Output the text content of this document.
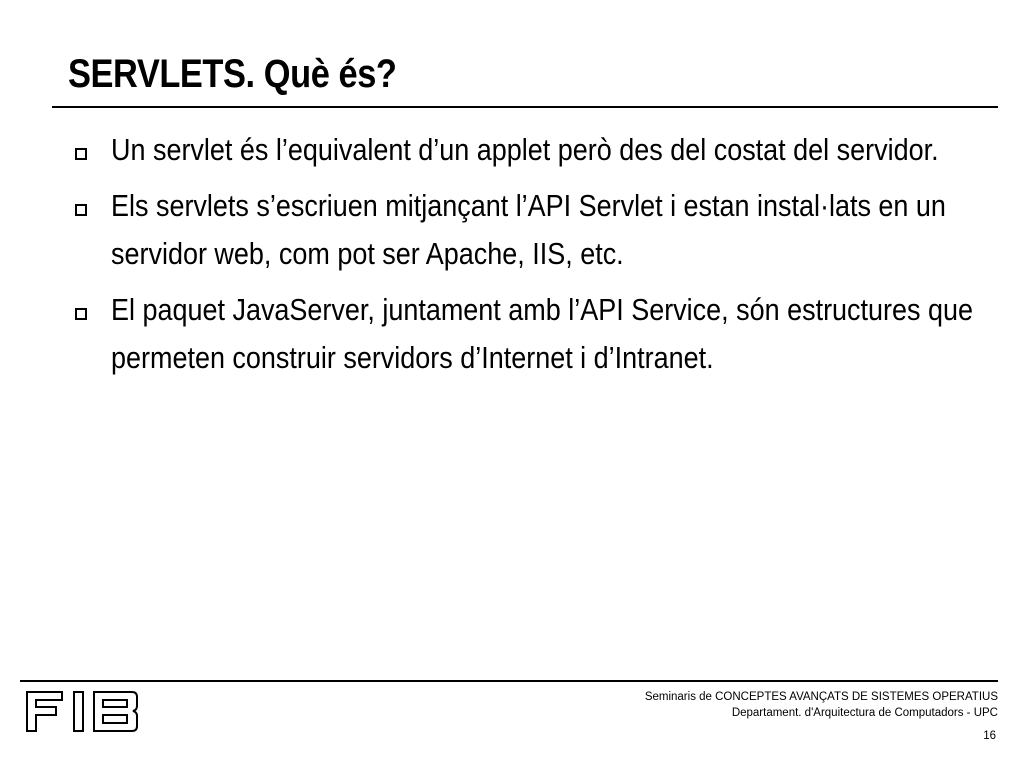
SERVLETS. Què és?
Un servlet és l’equivalent d’un applet però des del costat del servidor.
Els servlets s’escriuen mitjançant l’API Servlet i estan instal·lats en un servidor web, com pot ser Apache, IIS, etc.
El paquet JavaServer, juntament amb l’API Service, són estructures que permeten construir servidors d’Internet i d’Intranet.
Seminaris de CONCEPTES AVANÇATS DE SISTEMES OPERATIUS
Departament. d'Arquitectura de Computadors - UPC
16
